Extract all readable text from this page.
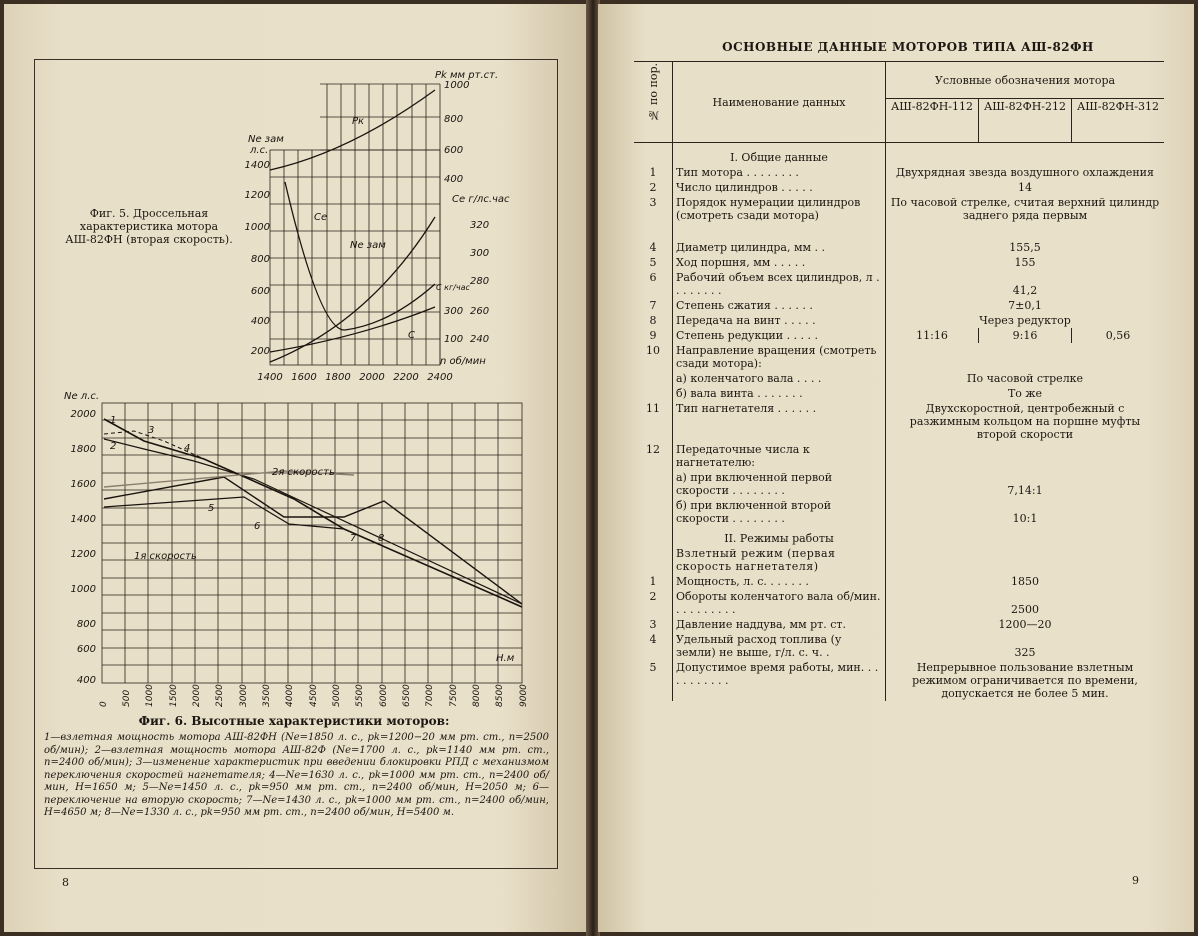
Фиг. 5. Дроссельная характеристика мотора АШ-82ФН (вторая скорость).
Pk мм рт.ст.
Ne зам
л.с.
Ce г/лс.час
С кг/час
n об/мин
Pк
Ce
Ne зам
C
1400
1200
1000
800
600
400
200
1000
800
600
400
320
300
280
260
240
300
100
1400 1600 1800 2000 2200 2400
Ne л.с.
Н.м
2я скорость
1я скорость
1
2
3
4
5
6
7 8
2000
1800
1600
1400
1200
1000
800
600
400
0 500 1000 1500 2000 2500 3000 3500 4000 4500 5000 5500 6000 6500 7000 7500 8000 8500 9000
Фиг. 6. Высотные характеристики моторов:
1—взлетная мощность мотора АШ-82ФН (Ne=1850 л. с., pk=1200−20 мм рт. ст., n=2500 об/мин); 2—взлетная мощность мотора АШ-82Ф (Ne=1700 л. с., pk=1140 мм рт. ст., n=2400 об/мин); 3—изменение характеристик при введении блокировки РПД с механизмом переключения скоростей нагнетателя; 4—Ne=1630 л. с., pk=1000 мм рт. ст., n=2400 об/мин, H=1650 м; 5—Ne=1450 л. с., pk=950 мм рт. ст., n=2400 об/мин, H=2050 м; 6—переключение на вторую скорость; 7—Ne=1430 л. с., pk=1000 мм рт. ст., n=2400 об/мин, H=4650 м; 8—Ne=1330 л. с., pk=950 мм рт. ст., n=2400 об/мин, H=5400 м.
8
ОСНОВНЫЕ ДАННЫЕ МОТОРОВ ТИПА АШ-82ФН
№ по пор.	Наименование данных	Условные обозначения мотора		
		АШ-82ФН-112	АШ-82ФН-212	АШ-82ФН-312
	I. Общие данные			
1	Тип мотора . . . . . . . .	Двухрядная звезда воздушного охлаждения		
2	Число цилиндров . . . . .	14		
3	Порядок нумерации цилиндров (смотреть сзади мотора)	По часовой стрелке, считая верхний цилиндр заднего ряда первым		
4	Диаметр цилиндра, мм . .	155,5		
5	Ход поршня, мм . . . . .	155		
6	Рабочий объем всех цилиндров, л . . . . . . . .	41,2		
7	Степень сжатия . . . . . .	7±0,1		
8	Передача на винт . . . . .	Через редуктор		
9	Степень редукции . . . . .	11:16	9:16	0,56
10	Направление вращения (смотреть сзади мотора):			
	а) коленчатого вала . . . .	По часовой стрелке		
	б) вала винта . . . . . . .	То же		
11	Тип нагнетателя . . . . . .	Двухскоростной, центробежный с разжимным кольцом на поршне муфты второй скорости		
12	Передаточные числа к нагнетателю:			
	а) при включенной первой скорости . . . . . . . .	7,14:1		
	б) при включенной второй скорости . . . . . . . .	10:1		
	II. Режимы работы			
	Взлетный режим (первая скорость нагнетателя)			
1	Мощность, л. с. . . . . . .	1850		
2	Обороты коленчатого вала об/мин. . . . . . . . . .	2500		
3	Давление наддува, мм рт. ст.	1200—20		
4	Удельный расход топлива (у земли) не выше, г/л. с. ч. .	325		
5	Допустимое время работы, мин. . . . . . . . . . .	Непрерывное пользование взлетным режимом ограничивается по времени, допускается не более 5 мин.		
9
